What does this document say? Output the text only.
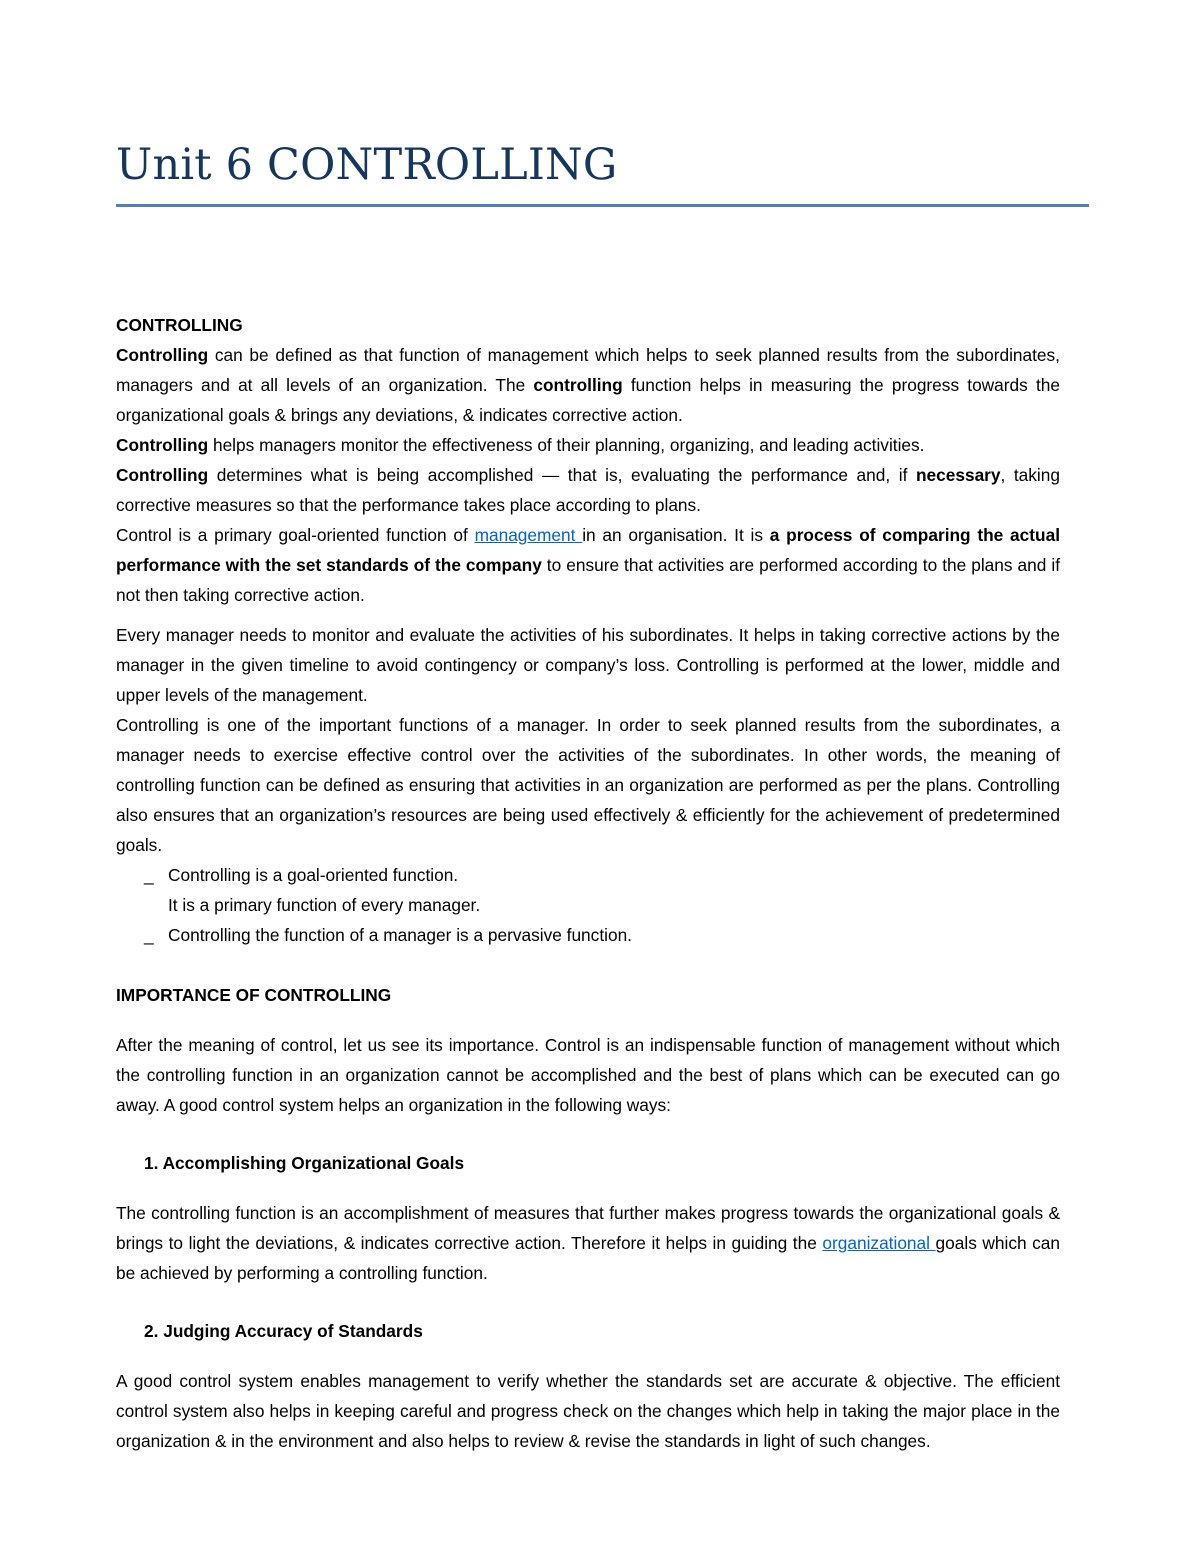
Unit 6 CONTROLLING
CONTROLLING

Controlling can be defined as that function of management which helps to seek planned results from the subordinates, managers and at all levels of an organization. The controlling function helps in measuring the progress towards the organizational goals & brings any deviations, & indicates corrective action.

Controlling helps managers monitor the effectiveness of their planning, organizing, and leading activities.

Controlling determines what is being accomplished — that is, evaluating the performance and, if necessary, taking corrective measures so that the performance takes place according to plans.

Control is a primary goal-oriented function of management in an organisation. It is a process of comparing the actual performance with the set standards of the company to ensure that activities are performed according to the plans and if not then taking corrective action.

Every manager needs to monitor and evaluate the activities of his subordinates. It helps in taking corrective actions by the manager in the given timeline to avoid contingency or company’s loss. Controlling is performed at the lower, middle and upper levels of the management.

Controlling is one of the important functions of a manager. In order to seek planned results from the subordinates, a manager needs to exercise effective control over the activities of the subordinates. In other words, the meaning of controlling function can be defined as ensuring that activities in an organization are performed as per the plans. Controlling also ensures that an organization’s resources are being used effectively & efficiently for the achievement of predetermined goals.

_ Controlling is a goal-oriented function.
It is a primary function of every manager.
_ Controlling the function of a manager is a pervasive function.
IMPORTANCE OF CONTROLLING

After the meaning of control, let us see its importance. Control is an indispensable function of management without which the controlling function in an organization cannot be accomplished and the best of plans which can be executed can go away. A good control system helps an organization in the following ways:

1. Accomplishing Organizational Goals

The controlling function is an accomplishment of measures that further makes progress towards the organizational goals & brings to light the deviations, & indicates corrective action. Therefore it helps in guiding the organizational goals which can be achieved by performing a controlling function.

2. Judging Accuracy of Standards

A good control system enables management to verify whether the standards set are accurate & objective. The efficient control system also helps in keeping careful and progress check on the changes which help in taking the major place in the organization & in the environment and also helps to review & revise the standards in light of such changes.
